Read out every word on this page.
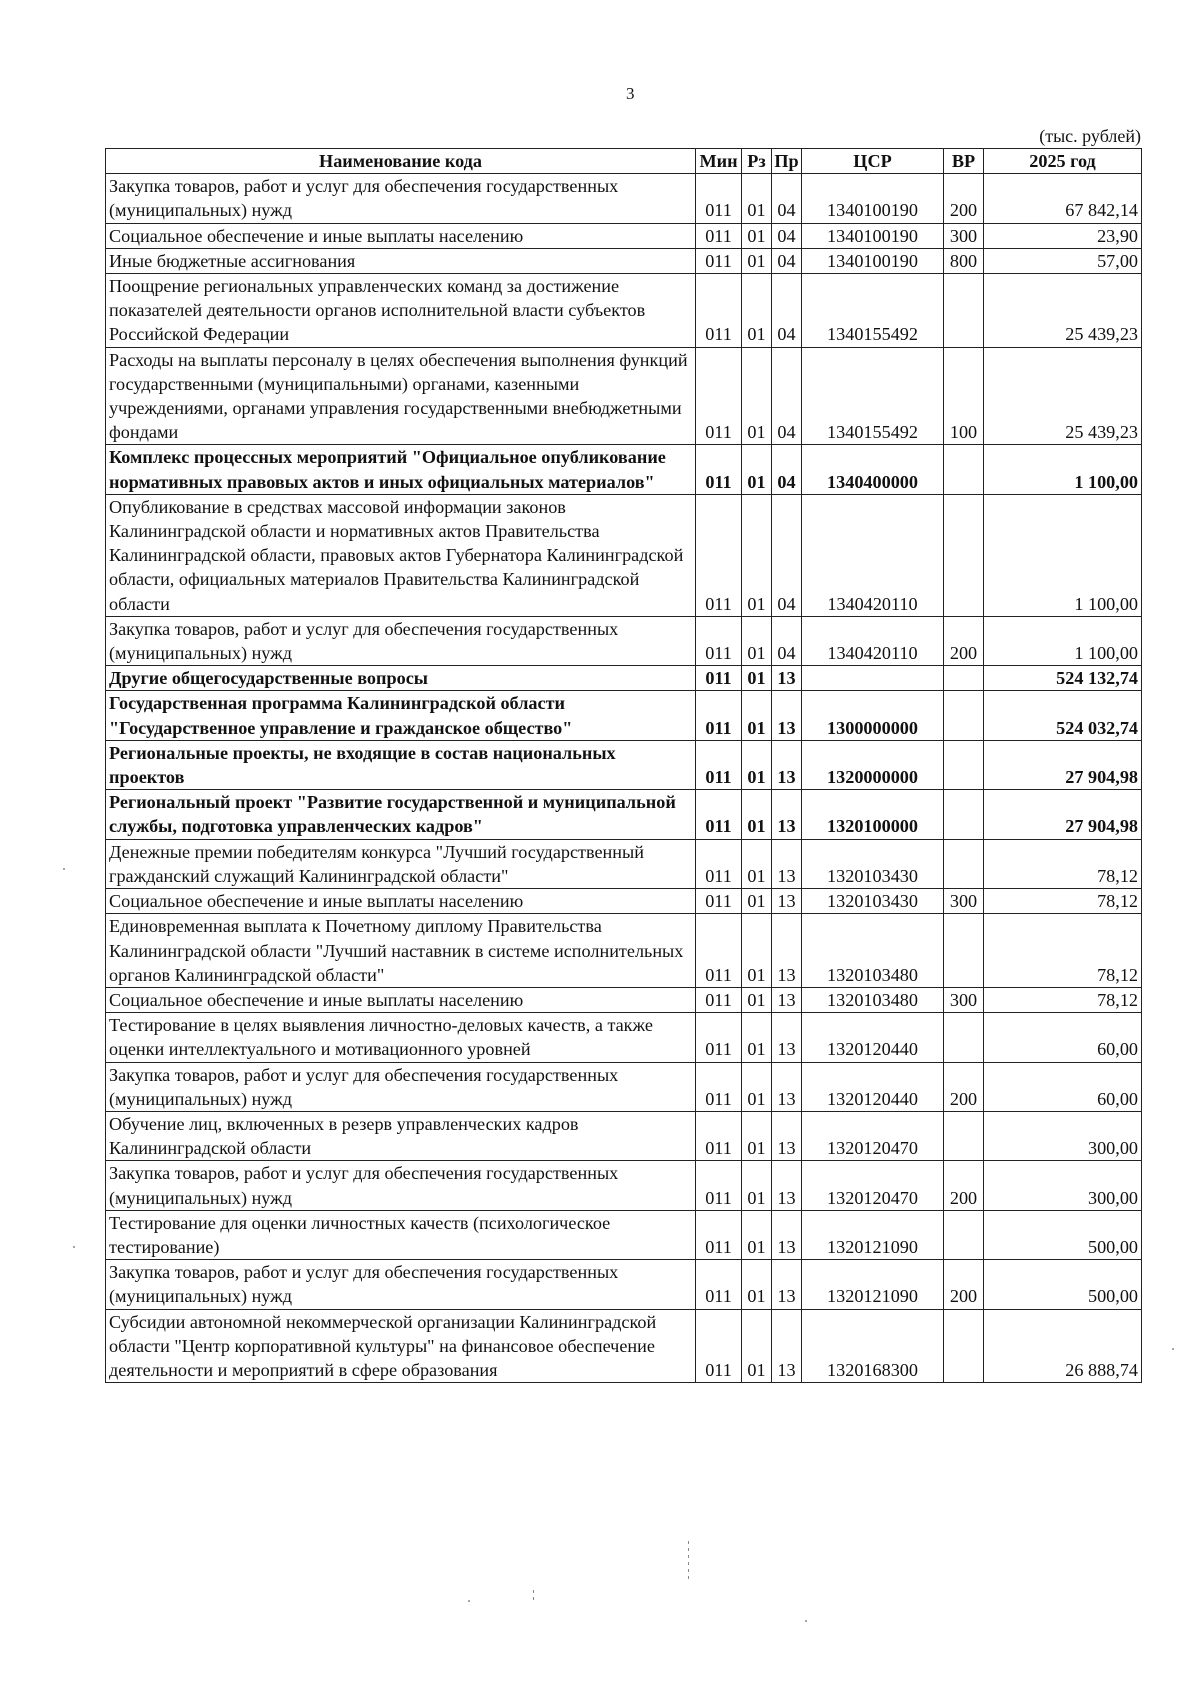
3
(тыс. рублей)
Наименование кода	Мин	Рз	Пр	ЦСР	ВР	2025 год
Закупка товаров, работ и услуг для обеспечения государственных (муниципальных) нужд	011	01	04	1340100190	200	67 842,14
Социальное обеспечение и иные выплаты населению	011	01	04	1340100190	300	23,90
Иные бюджетные ассигнования	011	01	04	1340100190	800	57,00
Поощрение региональных управленческих команд за достижение показателей деятельности органов исполнительной власти субъектов Российской Федерации	011	01	04	1340155492		25 439,23
Расходы на выплаты персоналу в целях обеспечения выполнения функций государственными (муниципальными) органами, казенными учреждениями, органами управления государственными внебюджетными фондами	011	01	04	1340155492	100	25 439,23
Комплекс процессных мероприятий "Официальное опубликование нормативных правовых актов и иных официальных материалов"	011	01	04	1340400000		1 100,00
Опубликование в средствах массовой информации законов Калининградской области и нормативных актов Правительства Калининградской области, правовых актов Губернатора Калининградской области, официальных материалов Правительства Калининградской области	011	01	04	1340420110		1 100,00
Закупка товаров, работ и услуг для обеспечения государственных (муниципальных) нужд	011	01	04	1340420110	200	1 100,00
Другие общегосударственные вопросы	011	01	13			524 132,74
Государственная программа Калининградской области "Государственное управление и гражданское общество"	011	01	13	1300000000		524 032,74
Региональные проекты, не входящие в состав национальных проектов	011	01	13	1320000000		27 904,98
Региональный проект "Развитие государственной и муниципальной службы, подготовка управленческих кадров"	011	01	13	1320100000		27 904,98
Денежные премии победителям конкурса "Лучший государственный гражданский служащий Калининградской области"	011	01	13	1320103430		78,12
Социальное обеспечение и иные выплаты населению	011	01	13	1320103430	300	78,12
Единовременная выплата к Почетному диплому Правительства Калининградской области "Лучший наставник в системе исполнительных органов Калининградской области"	011	01	13	1320103480		78,12
Социальное обеспечение и иные выплаты населению	011	01	13	1320103480	300	78,12
Тестирование в целях выявления личностно-деловых качеств, а также оценки интеллектуального и мотивационного уровней	011	01	13	1320120440		60,00
Закупка товаров, работ и услуг для обеспечения государственных (муниципальных) нужд	011	01	13	1320120440	200	60,00
Обучение лиц, включенных в резерв управленческих кадров Калининградской области	011	01	13	1320120470		300,00
Закупка товаров, работ и услуг для обеспечения государственных (муниципальных) нужд	011	01	13	1320120470	200	300,00
Тестирование для оценки личностных качеств (психологическое тестирование)	011	01	13	1320121090		500,00
Закупка товаров, работ и услуг для обеспечения государственных (муниципальных) нужд	011	01	13	1320121090	200	500,00
Субсидии автономной некоммерческой организации Калининградской области "Центр корпоративной культуры" на финансовое обеспечение деятельности и мероприятий в сфере образования	011	01	13	1320168300		26 888,74
